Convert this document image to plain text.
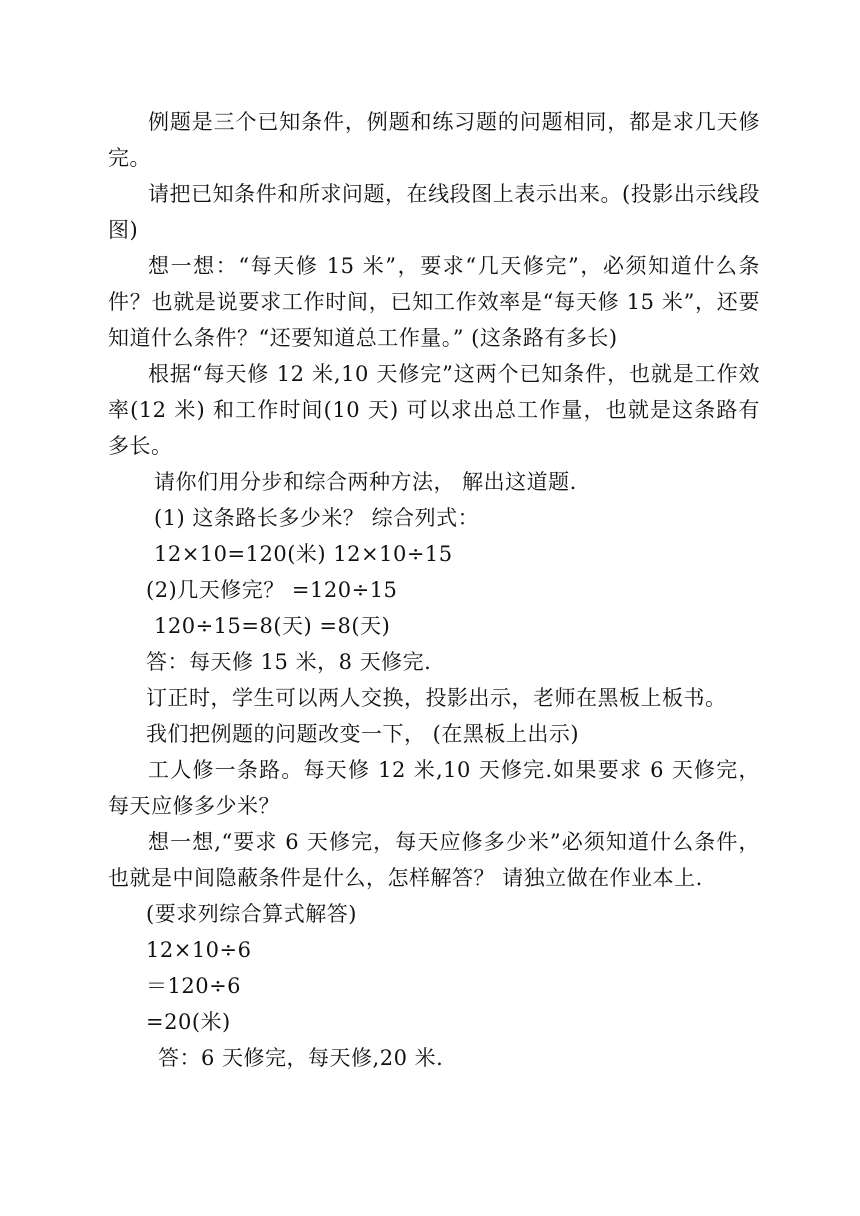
例题是三个已知条件，例题和练习题的问题相同，都是求几天修完。

请把已知条件和所求问题，在线段图上表示出来。(投影出示线段图)

想一想：“每天修 15 米”，要求“几天修完”，必须知道什么条件？也就是说要求工作时间，已知工作效率是“每天修 15 米”，还要知道什么条件？“还要知道总工作量。” (这条路有多长)

根据“每天修 12 米,10 天修完”这两个已知条件，也就是工作效率(12 米) 和工作时间(10 天) 可以求出总工作量，也就是这条路有多长。

请你们用分步和综合两种方法， 解出这道题.

(1) 这条路长多少米？ 综合列式：

12×10=120(米) 12×10÷15

(2)几天修完？ =120÷15

120÷15=8(天) =8(天)

答：每天修 15 米，8 天修完.

订正时，学生可以两人交换，投影出示，老师在黑板上板书。

我们把例题的问题改变一下， (在黑板上出示)

工人修一条路。每天修 12 米,10 天修完.如果要求 6 天修完，每天应修多少米？

想一想,“要求 6 天修完，每天应修多少米”必须知道什么条件，也就是中间隐蔽条件是什么，怎样解答？ 请独立做在作业本上.

(要求列综合算式解答)

12×10÷6

＝120÷6

=20(米)

答：6 天修完，每天修,20 米.
